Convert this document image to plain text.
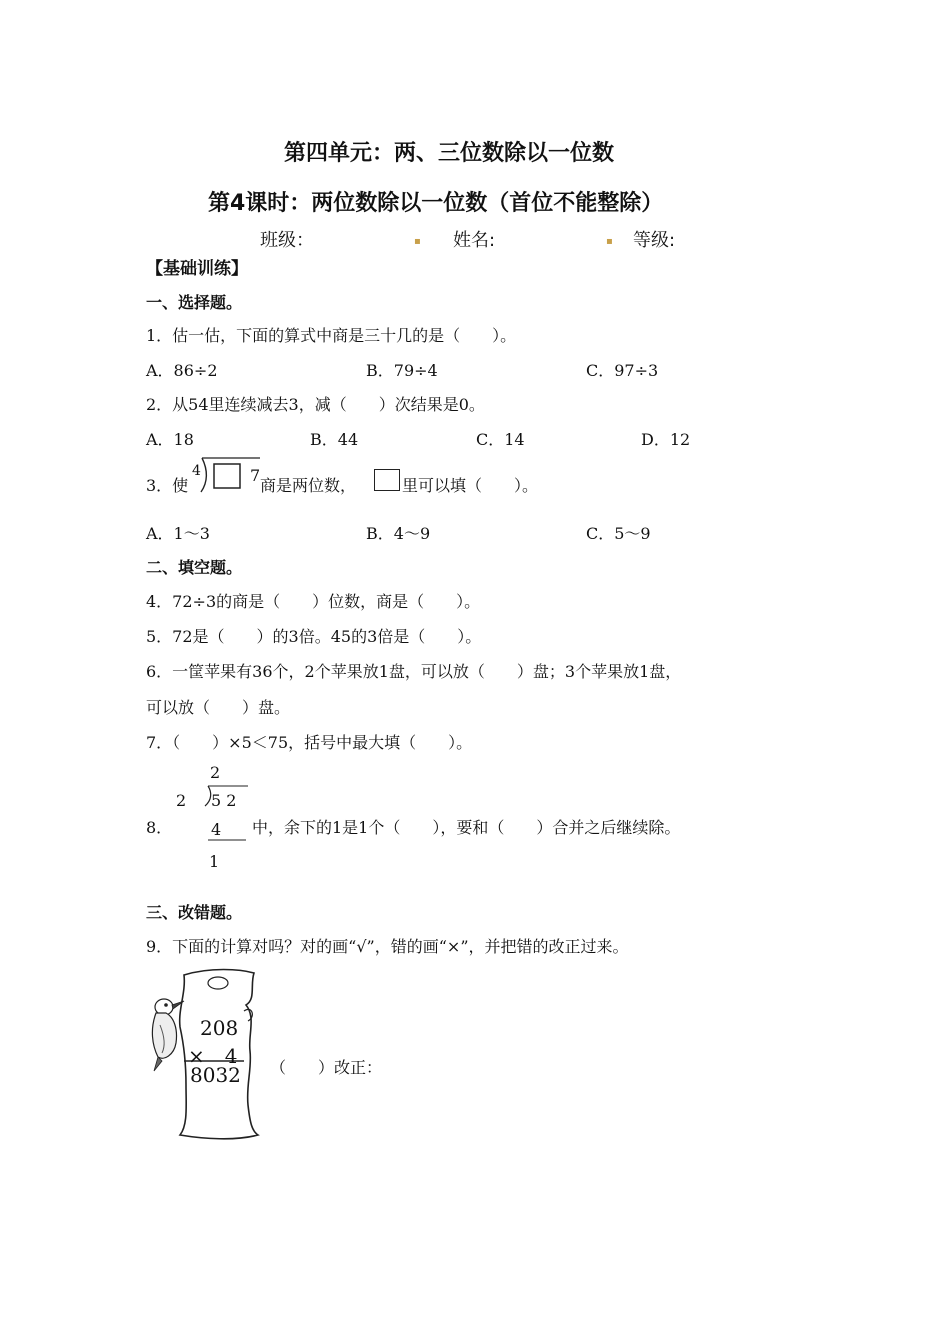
第四单元：两、三位数除以一位数
第4课时：两位数除以一位数（首位不能整除）
班级：	▪ 姓名:	▪ 等级:
【基础训练】
一、选择题。
1．估一估，下面的算式中商是三十几的是（　　）。
A．86÷2	B．79÷4	C．97÷3
2．从54里连续减去3，减（　　）次结果是0。
A．18	B．44	C．14	D．12
3．使
4	7
商是两位数，	里可以填（　　）。
A．1～3	B．4～9	C．5～9
二、填空题。
4．72÷3的商是（　　）位数，商是（　　）。
5．72是（　　）的3倍。45的3倍是（　　）。
6．一筐苹果有36个，2个苹果放1盘，可以放（　　）盘；3个苹果放1盘，
可以放（　　）盘。
7．（　　）×5＜75，括号中最大填（　　）。
8．
2
2 5 2
4
1
中，余下的1是1个（　　），要和（　　）合并之后继续除。
三、改错题。
9．下面的计算对吗？对的画“√”，错的画“×”，并把错的改正过来。
208
×　4
8032 （　　）改正：
